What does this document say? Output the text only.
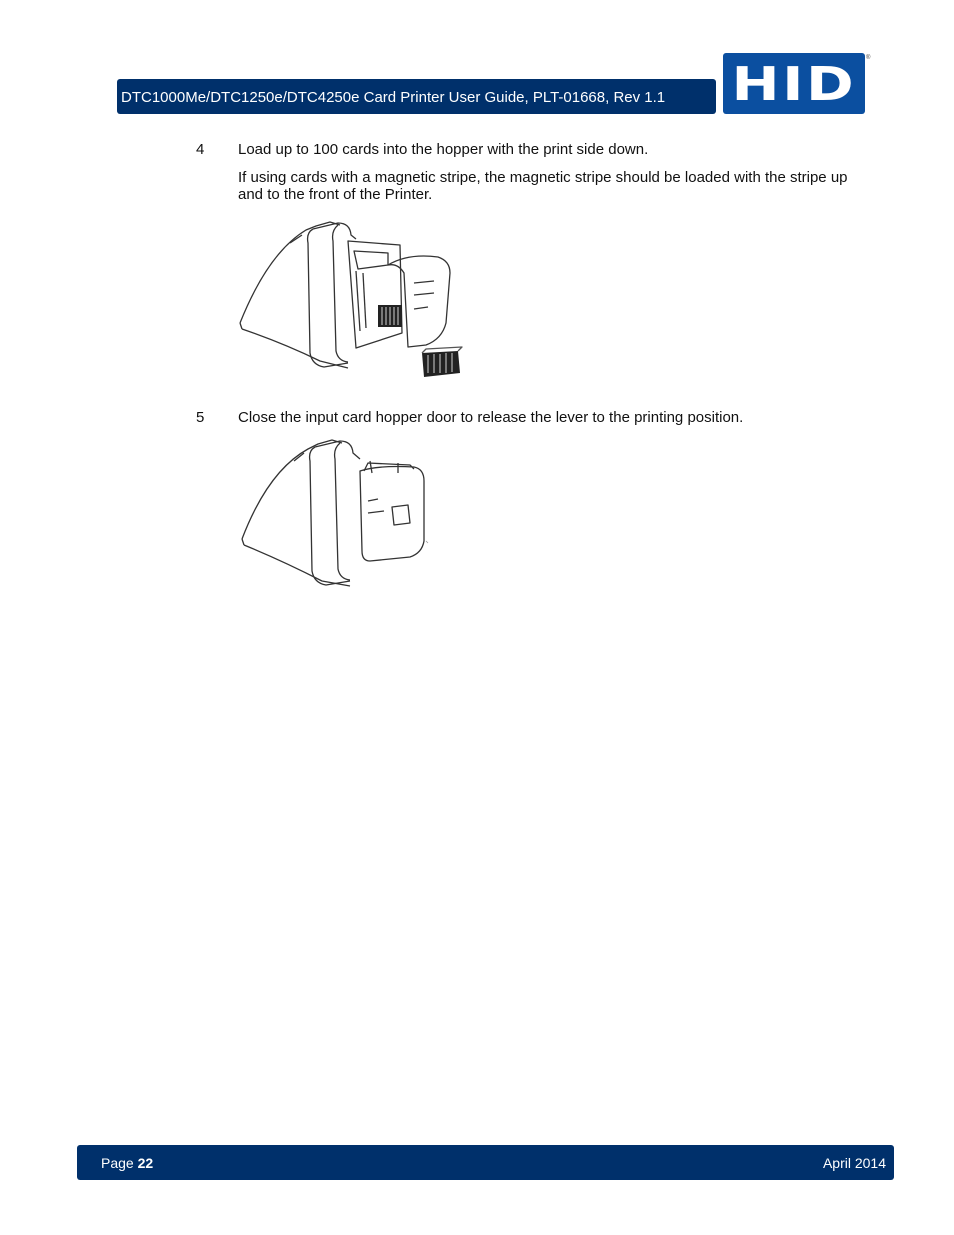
DTC1000Me/DTC1250e/DTC4250e Card Printer User Guide, PLT-01668, Rev 1.1 HID ®
4 Load up to 100 cards into the hopper with the print side down.
If using cards with a magnetic stripe, the magnetic stripe should be loaded with the stripe up and to the front of the Printer.
5 Close the input card hopper door to release the lever to the printing position.
Page 22	April 2014
